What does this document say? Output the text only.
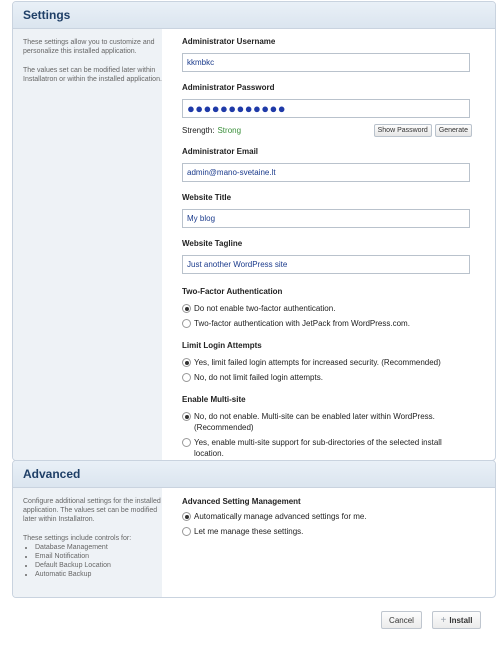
Settings

These settings allow you to customize and personalize this installed application.

The values set can be modified later within Installatron or within the installed application.

Administrator Username
kkmbkc
Administrator Password
●●●●●●●●●●●●
Strength: Strong	Show Password	Generate
Administrator Email
admin@mano-svetaine.lt
Website Title
My blog
Website Tagline
Just another WordPress site
Two-Factor Authentication
Do not enable two-factor authentication.
Two-factor authentication with JetPack from WordPress.com.
Limit Login Attempts
Yes, limit failed login attempts for increased security. (Recommended)
No, do not limit failed login attempts.
Enable Multi-site
No, do not enable. Multi-site can be enabled later within WordPress. (Recommended)
Yes, enable multi-site support for sub-directories of the selected install location.
Advanced

Configure additional settings for the installed application. The values set can be modified later within Installatron.

These settings include controls for:

• Database Management
• Email Notification
• Default Backup Location
• Automatic Backup
Advanced Setting Management
Automatically manage advanced settings for me.
Let me manage these settings.
Cancel	+ Install
